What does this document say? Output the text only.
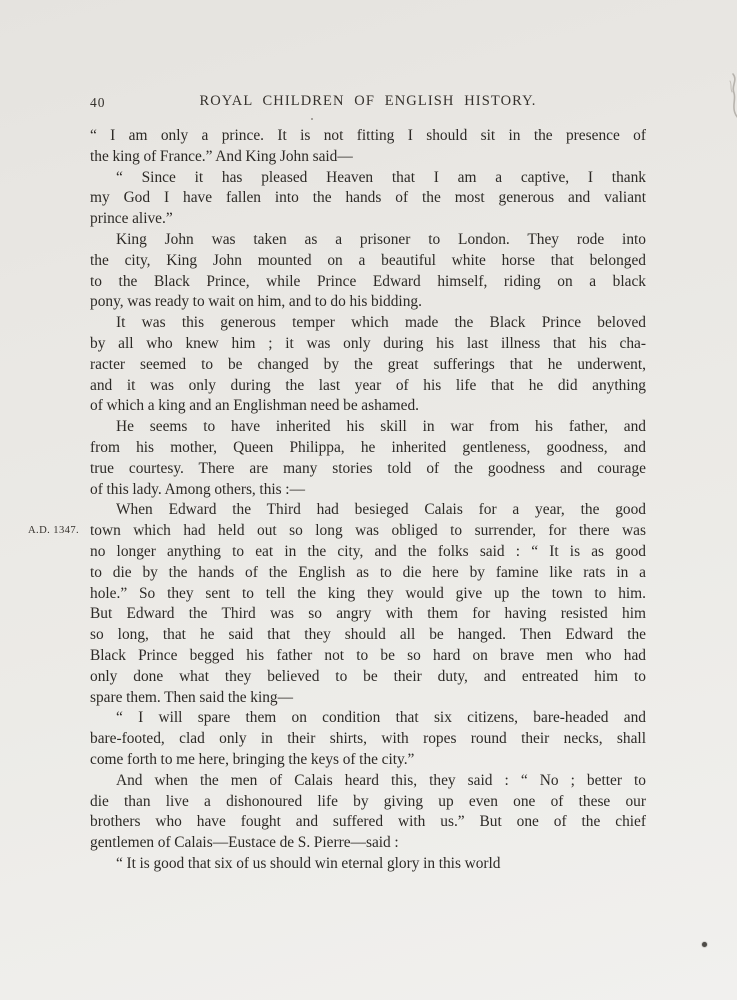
40	ROYAL CHILDREN OF ENGLISH HISTORY.
A.D. 1347.
“ I am only a prince. It is not fitting I should sit in the presence of
the king of France.” And King John said—
“ Since it has pleased Heaven that I am a captive, I thank
my God I have fallen into the hands of the most generous and valiant
prince alive.”
King John was taken as a prisoner to London. They rode into
the city, King John mounted on a beautiful white horse that belonged
to the Black Prince, while Prince Edward himself, riding on a black
pony, was ready to wait on him, and to do his bidding.
It was this generous temper which made the Black Prince beloved
by all who knew him ; it was only during his last illness that his cha-
racter seemed to be changed by the great sufferings that he underwent,
and it was only during the last year of his life that he did anything
of which a king and an Englishman need be ashamed.
He seems to have inherited his skill in war from his father, and
from his mother, Queen Philippa, he inherited gentleness, goodness, and
true courtesy. There are many stories told of the goodness and courage
of this lady. Among others, this :—
When Edward the Third had besieged Calais for a year, the good
town which had held out so long was obliged to surrender, for there was
no longer anything to eat in the city, and the folks said : “ It is as good
to die by the hands of the English as to die here by famine like rats in a
hole.” So they sent to tell the king they would give up the town to him.
But Edward the Third was so angry with them for having resisted him
so long, that he said that they should all be hanged. Then Edward the
Black Prince begged his father not to be so hard on brave men who had
only done what they believed to be their duty, and entreated him to
spare them. Then said the king—
“ I will spare them on condition that six citizens, bare-headed and
bare-footed, clad only in their shirts, with ropes round their necks, shall
come forth to me here, bringing the keys of the city.”
And when the men of Calais heard this, they said : “ No ; better to
die than live a dishonoured life by giving up even one of these our
brothers who have fought and suffered with us.” But one of the chief
gentlemen of Calais—Eustace de S. Pierre—said :
“ It is good that six of us should win eternal glory in this world
